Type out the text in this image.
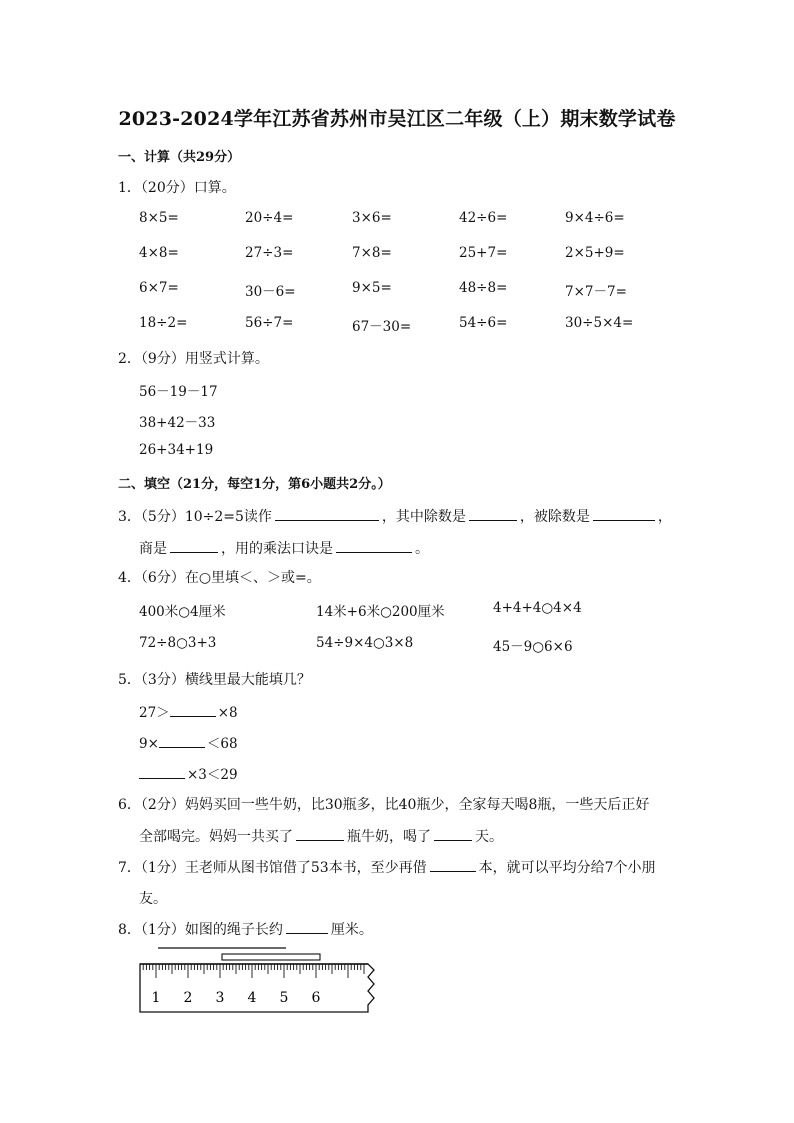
2023-2024学年江苏省苏州市吴江区二年级（上）期末数学试卷
一、计算（共29分）
1．（20分）口算。
8×5=	20÷4=	3×6=	42÷6=	9×4÷6=
4×8=	27÷3=	7×8=	25+7=	2×5+9=
6×7=	30－6=	9×5=	48÷8=	7×7－7=
18÷2=	56÷7=	67－30=	54÷6=	30÷5×4=
2．（9分）用竖式计算。
56－19－17
38+42－33
26+34+19
二、填空（21分，每空1分，第6小题共2分。）
3．（5分）10÷2=5读作	，其中除数是	，被除数是	，
商是	，用的乘法口诀是	。
4．（6分）在○里填＜、＞或=。
400米○4厘米	14米+6米○200厘米	4+4+4○4×4
72÷8○3+3	54÷9×4○3×8	45－9○6×6
5．（3分）横线里最大能填几？
27＞	×8
9×	＜68
×3＜29
6．（2分）妈妈买回一些牛奶，比30瓶多，比40瓶少，全家每天喝8瓶，一些天后正好
全部喝完。妈妈一共买了	瓶牛奶，喝了	天。
7．（1分）王老师从图书馆借了53本书，至少再借	本，就可以平均分给7个小朋
友。
8．（1分）如图的绳子长约	厘米。
1 2 3 4 5 6
